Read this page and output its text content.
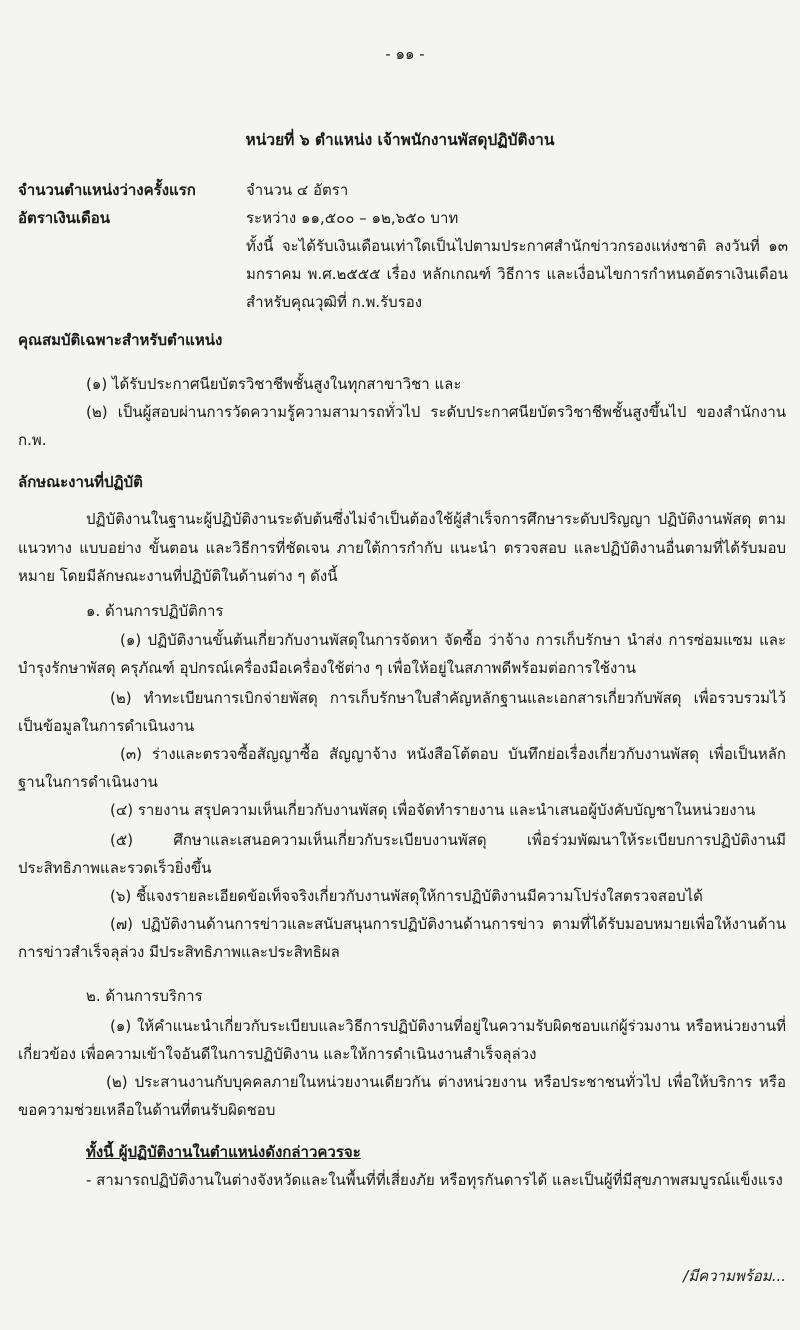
- ๑๑ -
หน่วยที่ ๖ ตำแหน่ง เจ้าพนักงานพัสดุปฏิบัติงาน
จำนวนตำแหน่งว่างครั้งแรก	จำนวน ๔ อัตรา
อัตราเงินเดือน	ระหว่าง ๑๑,๕๐๐ – ๑๒,๖๕๐ บาท
ทั้งนี้ จะได้รับเงินเดือนเท่าใดเป็นไปตามประกาศสำนักข่าวกรองแห่งชาติ ลงวันที่ ๑๓ มกราคม พ.ศ.๒๕๕๕ เรื่อง หลักเกณฑ์ วิธีการ และเงื่อนไขการกำหนดอัตราเงินเดือนสำหรับคุณวุฒิที่ ก.พ.รับรอง
คุณสมบัติเฉพาะสำหรับตำแหน่ง
(๑) ได้รับประกาศนียบัตรวิชาชีพชั้นสูงในทุกสาขาวิชา และ
(๒) เป็นผู้สอบผ่านการวัดความรู้ความสามารถทั่วไป ระดับประกาศนียบัตรวิชาชีพชั้นสูงขึ้นไป ของสำนักงาน ก.พ.
ลักษณะงานที่ปฏิบัติ
ปฏิบัติงานในฐานะผู้ปฏิบัติงานระดับต้นซึ่งไม่จำเป็นต้องใช้ผู้สำเร็จการศึกษาระดับปริญญา ปฏิบัติงานพัสดุ ตามแนวทาง แบบอย่าง ขั้นตอน และวิธีการที่ชัดเจน ภายใต้การกำกับ แนะนำ ตรวจสอบ และปฏิบัติงานอื่นตามที่ได้รับมอบหมาย โดยมีลักษณะงานที่ปฏิบัติในด้านต่าง ๆ ดังนี้
๑. ด้านการปฏิบัติการ
(๑) ปฏิบัติงานขั้นต้นเกี่ยวกับงานพัสดุในการจัดหา จัดซื้อ ว่าจ้าง การเก็บรักษา นำส่ง การซ่อมแซม และบำรุงรักษาพัสดุ ครุภัณฑ์ อุปกรณ์เครื่องมือเครื่องใช้ต่าง ๆ เพื่อให้อยู่ในสภาพดีพร้อมต่อการใช้งาน
(๒) ทำทะเบียนการเบิกจ่ายพัสดุ การเก็บรักษาใบสำคัญหลักฐานและเอกสารเกี่ยวกับพัสดุ เพื่อรวบรวมไว้เป็นข้อมูลในการดำเนินงาน
(๓) ร่างและตรวจซื้อสัญญาซื้อ สัญญาจ้าง หนังสือโต้ตอบ บันทึกย่อเรื่องเกี่ยวกับงานพัสดุ เพื่อเป็นหลักฐานในการดำเนินงาน
(๔) รายงาน สรุปความเห็นเกี่ยวกับงานพัสดุ เพื่อจัดทำรายงาน และนำเสนอผู้บังคับบัญชาในหน่วยงาน
(๕) ศึกษาและเสนอความเห็นเกี่ยวกับระเบียบงานพัสดุ เพื่อร่วมพัฒนาให้ระเบียบการปฏิบัติงานมีประสิทธิภาพและรวดเร็วยิ่งขึ้น
(๖) ชี้แจงรายละเอียดข้อเท็จจริงเกี่ยวกับงานพัสดุให้การปฏิบัติงานมีความโปร่งใสตรวจสอบได้
(๗) ปฏิบัติงานด้านการข่าวและสนับสนุนการปฏิบัติงานด้านการข่าว ตามที่ได้รับมอบหมายเพื่อให้งานด้านการข่าวสำเร็จลุล่วง มีประสิทธิภาพและประสิทธิผล
๒. ด้านการบริการ
(๑) ให้คำแนะนำเกี่ยวกับระเบียบและวิธีการปฏิบัติงานที่อยู่ในความรับผิดชอบแก่ผู้ร่วมงาน หรือหน่วยงานที่เกี่ยวข้อง เพื่อความเข้าใจอันดีในการปฏิบัติงาน และให้การดำเนินงานสำเร็จลุล่วง
(๒) ประสานงานกับบุคคลภายในหน่วยงานเดียวกัน ต่างหน่วยงาน หรือประชาชนทั่วไป เพื่อให้บริการ หรือขอความช่วยเหลือในด้านที่ตนรับผิดชอบ
ทั้งนี้ ผู้ปฏิบัติงานในตำแหน่งดังกล่าวควรจะ
- สามารถปฏิบัติงานในต่างจังหวัดและในพื้นที่ที่เสี่ยงภัย หรือทุรกันดารได้ และเป็นผู้ที่มีสุขภาพสมบูรณ์แข็งแรง
/มีความพร้อม...
